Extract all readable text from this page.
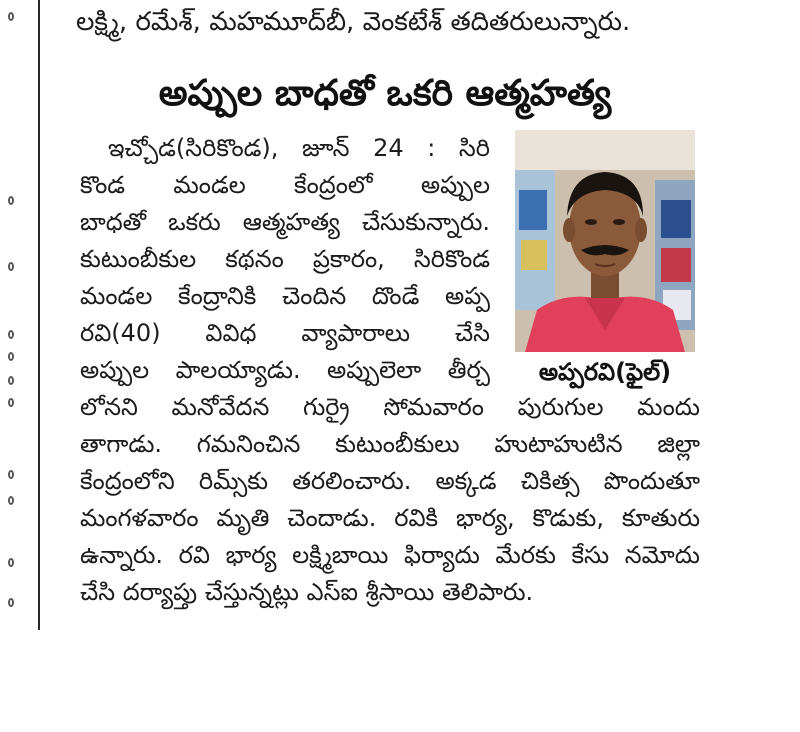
లక్ష్మి, రమేశ్, మహమూద్‌బీ, వెంకటేశ్ తదితరులున్నారు.
అప్పుల బాధతో ఒకరి ఆత్మహత్య
అప్పరవి(ఫైల్)
ఇచ్చోడ(సిరికొండ), జూన్ 24 : సిరి
కొండ మండల కేంద్రంలో అప్పుల
బాధతో ఒకరు ఆత్మహత్య చేసుకున్నారు.
కుటుంబీకుల కథనం ప్రకారం, సిరికొండ
మండల కేంద్రానికి చెందిన దొండే అప్ప
రవి(40) వివిధ వ్యాపారాలు చేసి
అప్పుల పాలయ్యాడు. అప్పులెలా తీర్చ
లోనని మనోవేదన గుర్రై సోమవారం పురుగుల మందు
తాగాడు. గమనించిన కుటుంబీకులు హుటాహుటిన జిల్లా
కేంద్రంలోని రిమ్స్‌కు తరలించారు. అక్కడ చికిత్స పొందుతూ
మంగళవారం మృతి చెందాడు. రవికి భార్య, కొడుకు, కూతురు
ఉన్నారు. రవి భార్య లక్ష్మిబాయి ఫిర్యాదు మేరకు కేసు నమోదు
చేసి దర్యాప్తు చేస్తున్నట్లు ఎస్ఐ శ్రీసాయి తెలిపారు.
